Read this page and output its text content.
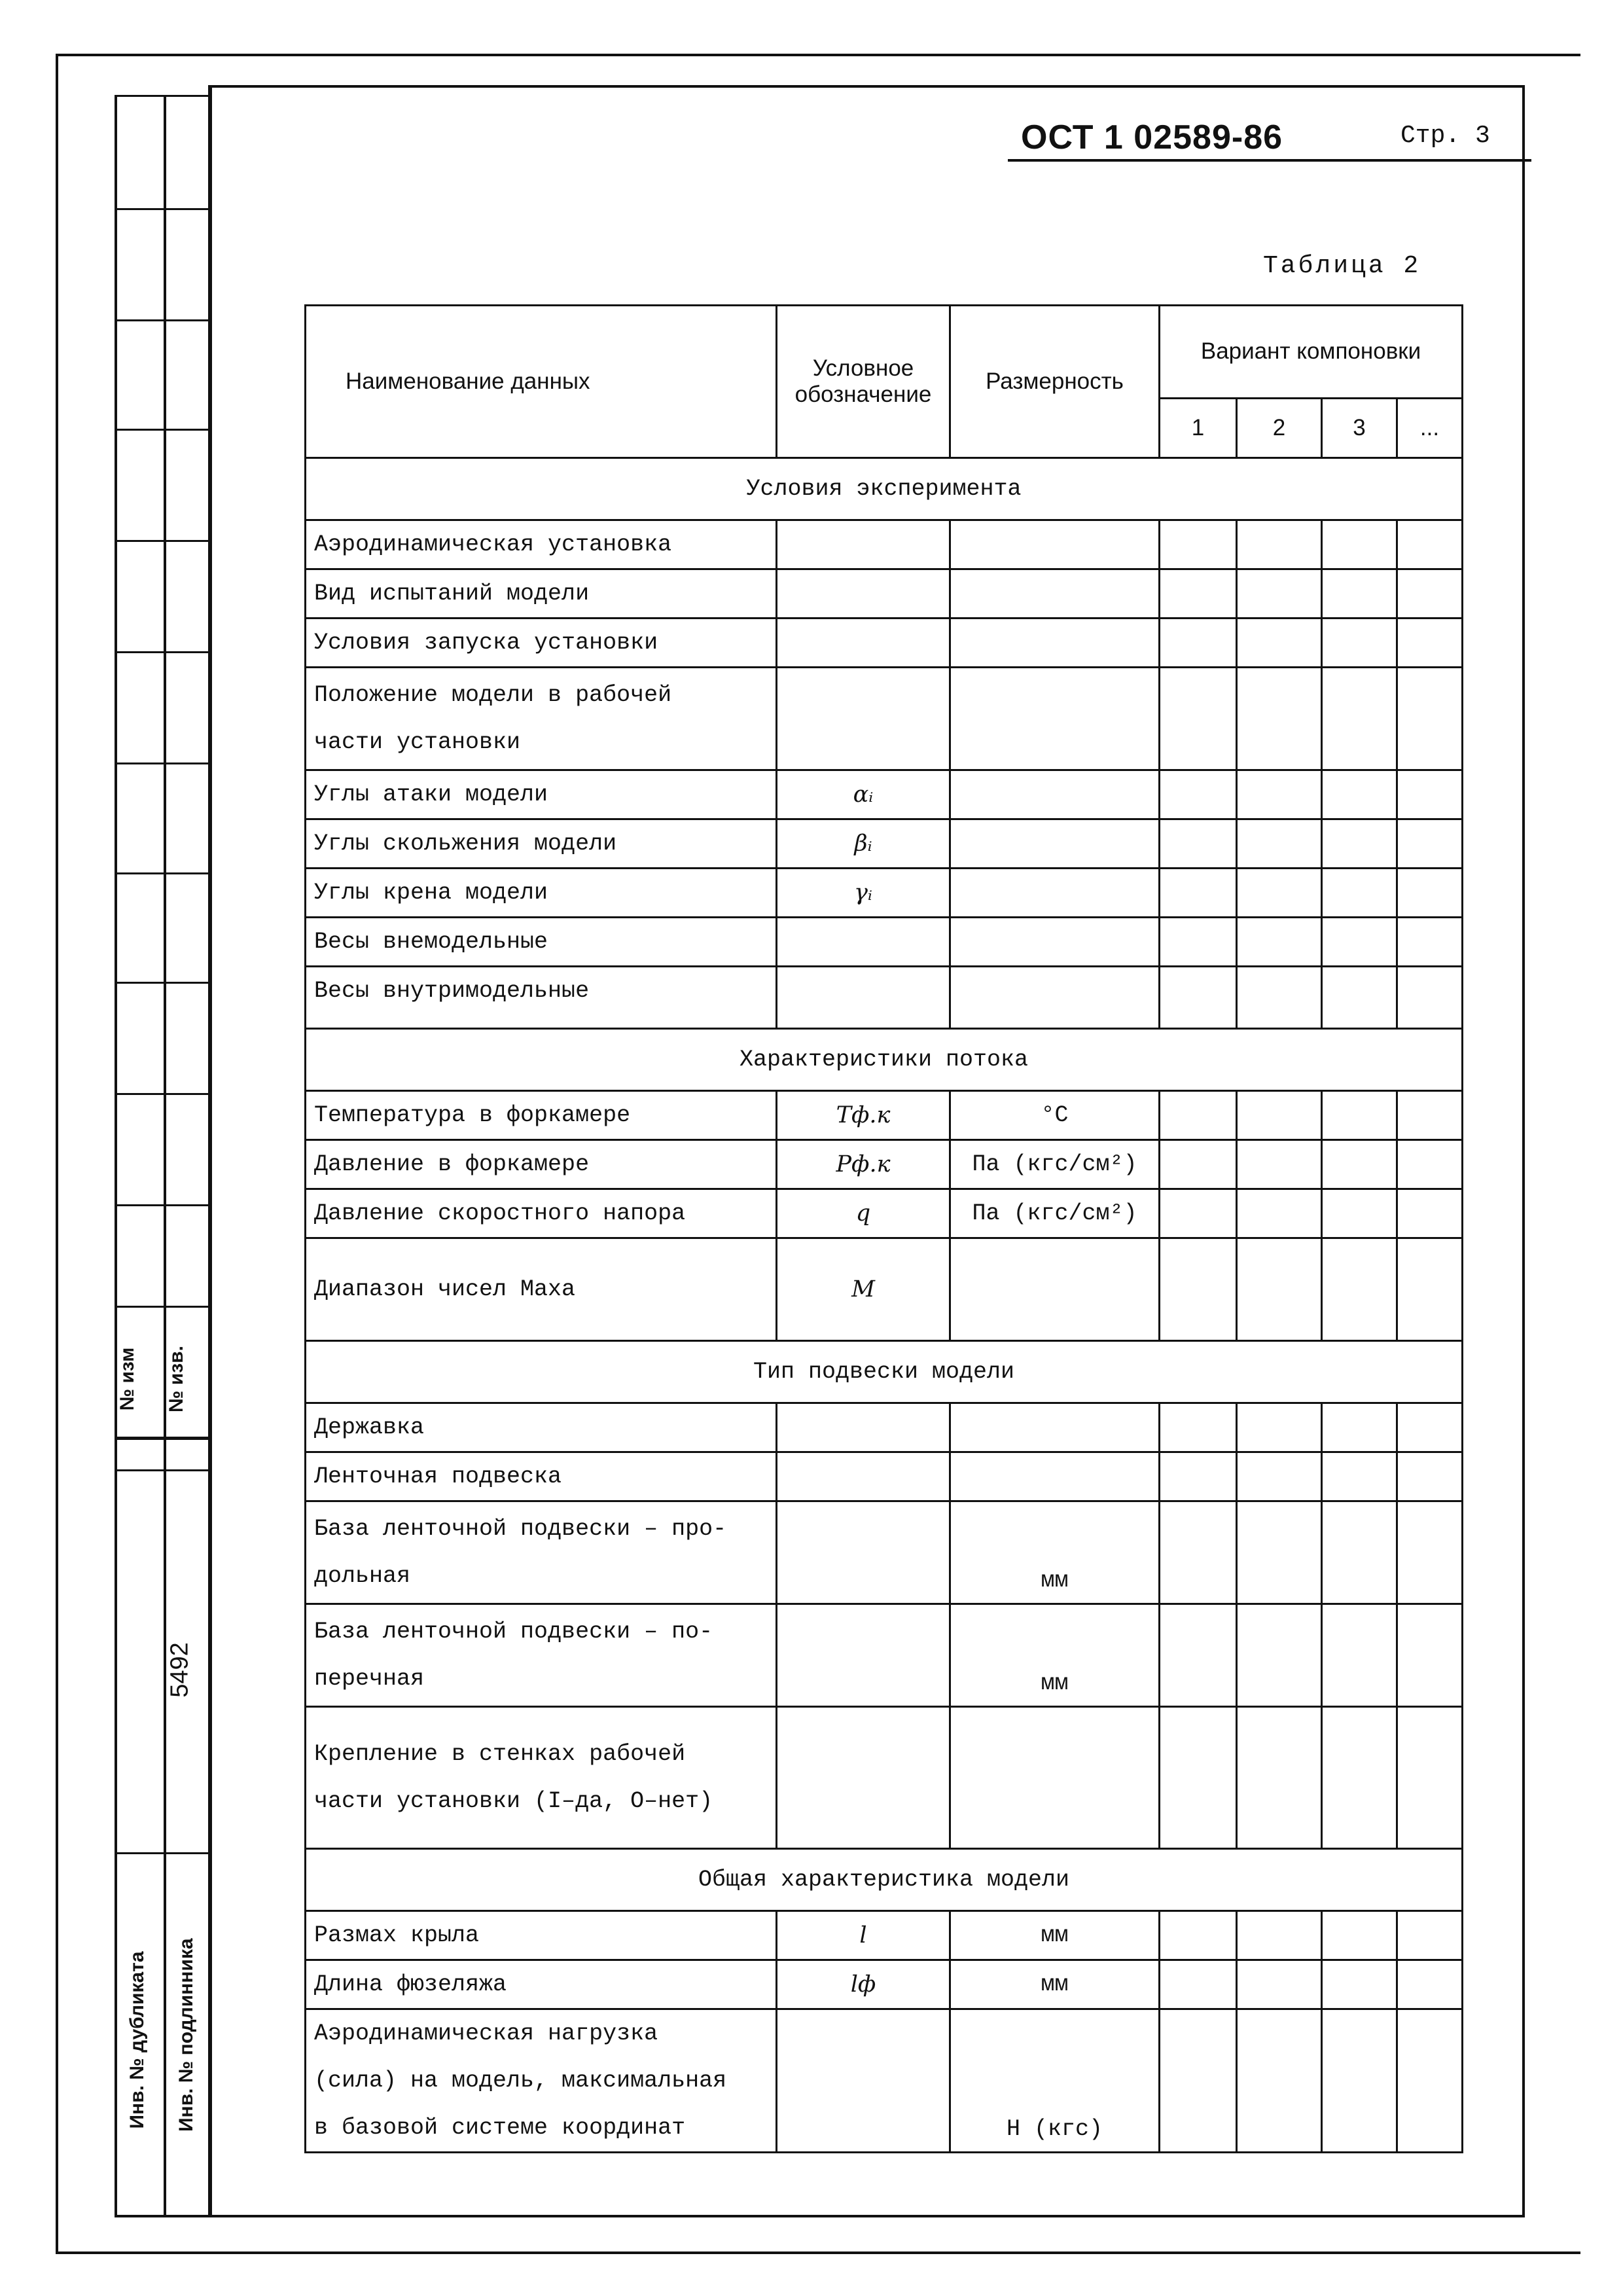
№ изм № изв.
Инв. № дубликата Инв. № подлинника
5492
ОСТ 1 02589-86	Стр. 3
Таблица 2
Наименование данных	Условное обозначение	Размерность	Вариант компоновки			
			1	2	3	...
Условия эксперимента						
Аэродинамическая установка						
Вид испытаний модели						
Условия запуска установки						
Положение модели в рабочей
части установки						
Углы атаки модели	αᵢ					
Углы скольжения модели	βᵢ					
Углы крена модели	γᵢ					
Весы внемодельные						
Весы внутримодельные						
Характеристики потока						
Температура в форкамере	Tф.к	°C				
Давление в форкамере	Pф.к	Па (кгс/см²)				
Давление скоростного напора	q	Па (кгс/см²)				
Диапазон чисел Маха	M					
Тип подвески модели						
Державка						
Ленточная подвеска						
База ленточной подвески – про-
дольная		мм				
База ленточной подвески – по-
перечная		мм				
Крепление в стенках рабочей
части установки (I–да, О–нет)						
Общая характеристика модели						
Размах крыла	l	мм				
Длина фюзеляжа	lф	мм				
Аэродинамическая нагрузка
(сила) на модель, максимальная
в базовой системе координат		Н (кгс)				
